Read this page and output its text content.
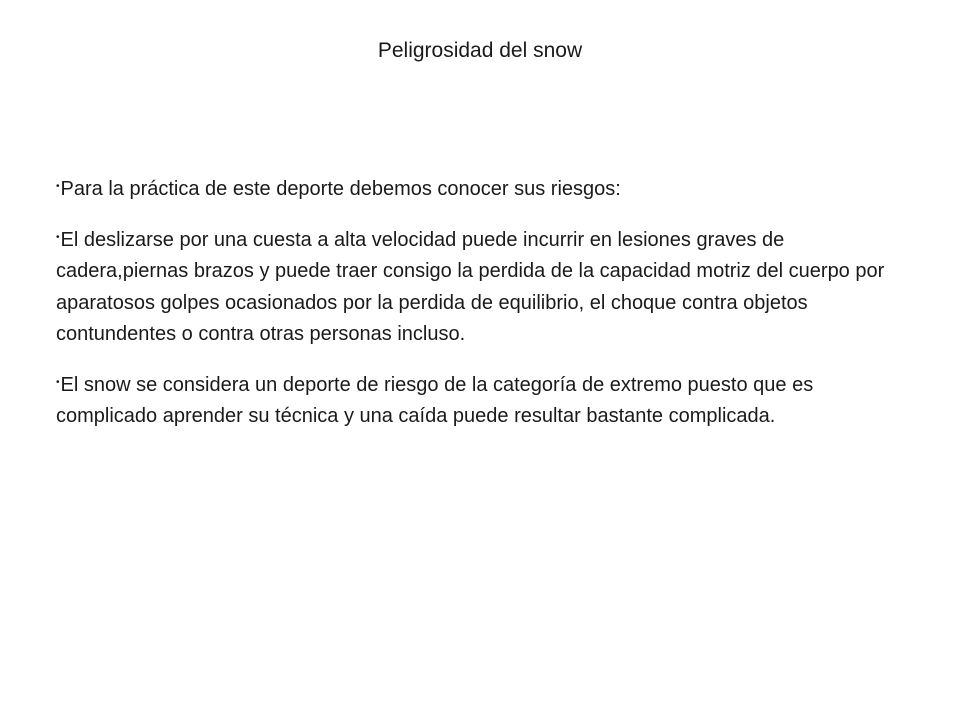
Peligrosidad del snow
•Para la práctica de este deporte debemos conocer sus riesgos:
•El deslizarse por una cuesta a alta velocidad puede incurrir en lesiones graves de cadera,piernas brazos y puede traer consigo la perdida de la capacidad motriz del cuerpo por aparatosos golpes ocasionados por la perdida de equilibrio, el choque contra objetos contundentes o contra otras personas incluso.
•El snow se considera un deporte de riesgo de la categoría de extremo puesto que es complicado aprender su técnica y una caída puede resultar bastante complicada.
